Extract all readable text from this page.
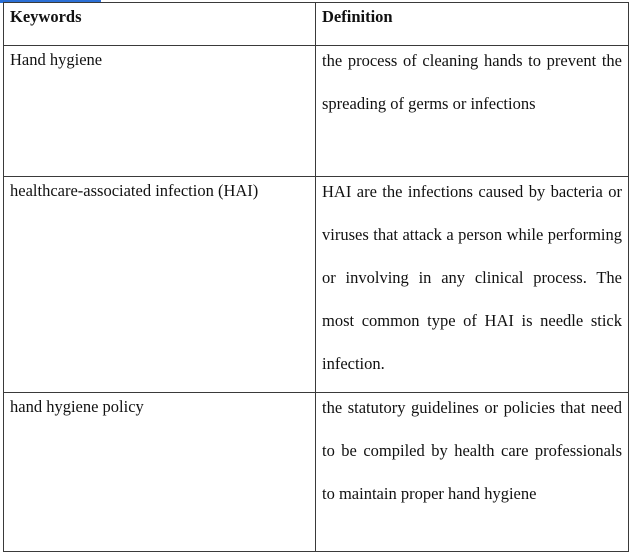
Keywords	Definition

Hand hygiene	the process of cleaning hands to prevent the spreading of germs or infections

healthcare-associated infection (HAI)	HAI are the infections caused by bacteria or viruses that attack a person while performing or involving in any clinical process. The most common type of HAI is needle stick infection.

hand hygiene policy	the statutory guidelines or policies that need to be compiled by health care professionals to maintain proper hand hygiene
